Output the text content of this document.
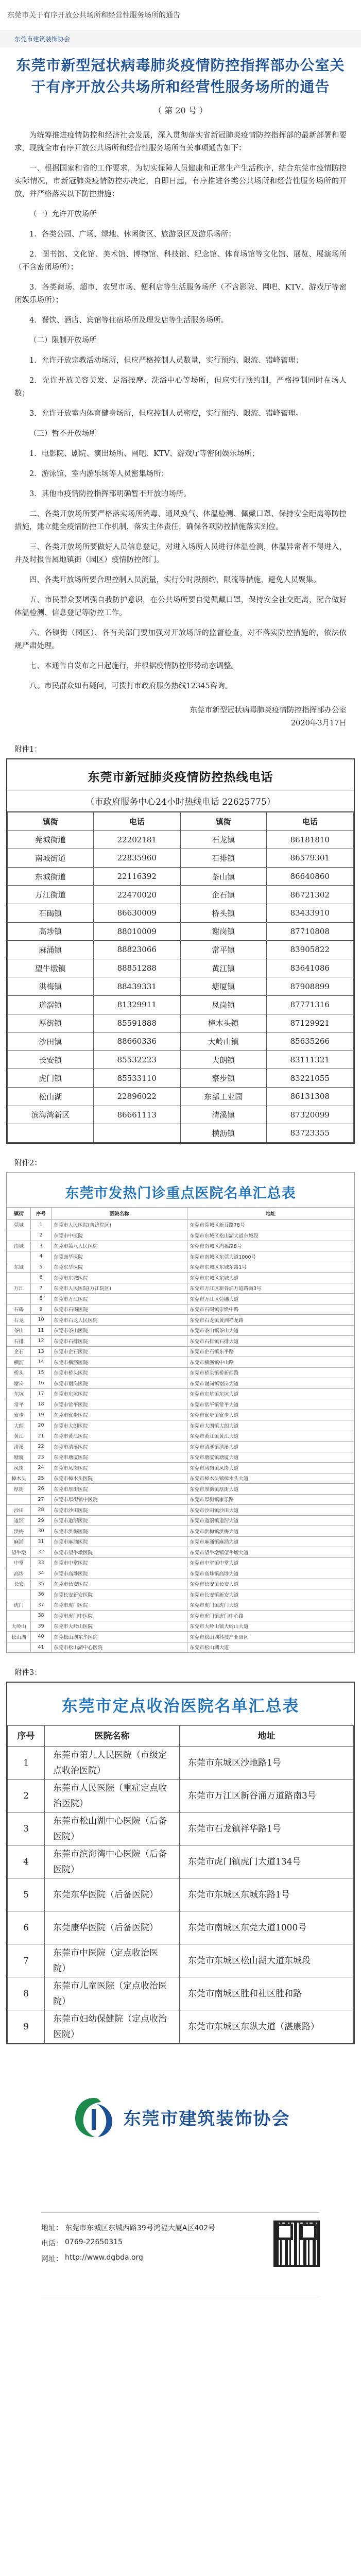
东莞市关于有序开放公共场所和经营性服务场所的通告
东莞市建筑装饰协会
东莞市新型冠状病毒肺炎疫情防控指挥部办公室关于有序开放公共场所和经营性服务场所的通告
（ 第 20 号 ）

为统筹推进疫情防控和经济社会发展，深入贯彻落实省新冠肺炎疫情防控指挥部的最新部署和要求，现就全市有序开放公共场所和经营性服务场所有关事项通告如下：

一、根据国家和省的工作要求，为切实保障人员健康和正常生产生活秩序，结合东莞市疫情防控实际情况，市新冠肺炎疫情防控办决定，自即日起，有序推进各类公共场所和经营性服务场所的开放，并严格落实以下防控措施：

（一）允许开放场所

1．各类公园、广场、绿地、休闲街区、旅游景区及游乐场所；

2．图书馆、文化馆、美术馆、博物馆、科技馆、纪念馆、体育场馆等文化馆、展览、展演场所（不含密闭场所）；

3．各类商场、超市、农贸市场、便利店等生活服务场所（不含影院、网吧、KTV、游戏厅等密闭娱乐场所）；

4．餐饮、酒店、宾馆等住宿场所及理发店等生活服务场所。

（二）限制开放场所

1．允许开放宗教活动场所，但应严格控制人员数量，实行预约、限流、错峰管理；

2．允许开放美容美发、足浴按摩、洗浴中心等场所，但应实行预约制，严格控制同时在场人数；

3．允许开放室内体育健身场所，但应控制人员密度，实行预约、限流、错峰管理。

（三）暂不开放场所

1．电影院、剧院、演出场所、网吧、KTV、游戏厅等密闭娱乐场所；

2．游泳馆、室内游乐场等人员密集场所；

3．其他市疫情防控指挥部明确暂不开放的场所。

二、各类开放场所要严格落实场所消毒、通风换气、体温检测、佩戴口罩、保持安全距离等防控措施，建立健全疫情防控工作机制，落实主体责任，确保各项防控措施落实到位。

三、各类开放场所要做好人员信息登记，对进入场所人员进行体温检测，体温异常者不得进入，并及时报告属地镇街（园区）疫情防控部门。

四、各类开放场所要合理控制人员流量，实行分时段预约、限流等措施，避免人员聚集。

五、市民群众要增强自我防护意识，在公共场所要自觉佩戴口罩，保持安全社交距离，配合做好体温检测、信息登记等防控工作。

六、各镇街（园区）、各有关部门要加强对开放场所的监督检查，对不落实防控措施的，依法依规严肃处理。

七、本通告自发布之日起施行，并根据疫情防控形势动态调整。

八、市民群众如有疑问，可拨打市政府服务热线12345咨询。

东莞市新型冠状病毒肺炎疫情防控指挥部办公室
2020年3月17日
附件1：
东莞市新冠肺炎疫情防控热线电话
（市政府服务中心24小时热线电话 22625775）
镇街	电话	镇街	电话
莞城街道	22202181	石龙镇	86181810
南城街道	22835960	石排镇	86579301
东城街道	22116392	茶山镇	86640860
万江街道	22470020	企石镇	86721302
石碣镇	86630009	桥头镇	83433910
高埗镇	88010009	谢岗镇	87710808
麻涌镇	88823066	常平镇	83905822
望牛墩镇	88851288	黄江镇	83641086
洪梅镇	88439331	塘厦镇	87908899
道滘镇	81329911	凤岗镇	87771316
厚街镇	85591888	樟木头镇	87129921
沙田镇	88660336	大岭山镇	85635266
长安镇	85532223	大朗镇	83111321
虎门镇	85533110	寮步镇	83221055
松山湖	22896022	东部工业园	86131308
滨海湾新区	86661113	清溪镇	87320099
		横沥镇	83723355
附件2：
东莞市发热门诊重点医院名单汇总表
镇街	序号	医院名称	地址
莞城	1	东莞市人民医院(普济院区)	东莞市莞城区新芬路78号
	2	东莞市中医院	东莞市东城区松山湖大道东城段
南城	3	东莞市第八人民医院	东莞市南城区鸿福路8号
	4	东莞康华医院	东莞市南城区东莞大道1000号
东城	5	东莞东华医院	东莞市东城区东城东路1号
	6	东莞市东城医院	东莞市东城区东城大道
万江	7	东莞市人民医院(万江院区)	东莞市万江区新谷涌万道路南3号
	8	东莞市万江医院	东莞市万江区莞穗大道
石碣	9	东莞市石碣医院	东莞市石碣镇崇焕中路
石龙	10	东莞市石龙人民医院	东莞市石龙镇黄洲祥龙路
茶山	11	东莞市茶山医院	东莞市茶山镇茶山大道
石排	12	东莞市石排医院	东莞市石排镇石排大道
企石	13	东莞市企石医院	东莞市企石镇东平路
横沥	14	东莞市横沥医院	东莞市横沥镇中山路
桥头	15	东莞市桥头医院	东莞市桥头镇桥新西路
谢岗	16	东莞市谢岗医院	东莞市谢岗镇谢岗大道
东坑	17	东莞市东坑医院	东莞市东坑镇东坑大道
常平	18	东莞市常平医院	东莞市常平镇常平大道
寮步	19	东莞市寮步医院	东莞市寮步镇寮步大道
大朗	20	东莞市大朗医院	东莞市大朗镇大朗大道
黄江	21	东莞市黄江医院	东莞市黄江镇黄江大道
清溪	22	东莞市清溪医院	东莞市清溪镇清溪大道
塘厦	23	东莞市塘厦医院	东莞市塘厦镇塘厦大道
凤岗	24	东莞市凤岗医院	东莞市凤岗镇凤岗大道
樟木头	25	东莞市樟木头医院	东莞市樟木头镇樟木头大道
厚街	26	东莞市厚街医院	东莞市厚街镇厚街大道
	27	东莞市厚街镇中医院	东莞市厚街镇康乐路
沙田	28	东莞市沙田医院	东莞市沙田镇沙田大道
道滘	29	东莞市道滘医院	东莞市道滘镇道滘大道
洪梅	30	东莞市洪梅医院	东莞市洪梅镇洪梅大道
麻涌	31	东莞市麻涌医院	东莞市麻涌镇麻涌大道
望牛墩	32	东莞市望牛墩医院	东莞市望牛墩镇望牛墩大道
中堂	33	东莞市中堂医院	东莞市中堂镇中堂大道
高埗	34	东莞市高埗医院	东莞市高埗镇高埗大道
长安	35	东莞市长安医院	东莞市长安镇长安大道
	36	东莞长安新安医院	东莞市长安镇新安大道
虎门	37	东莞市虎门医院	东莞市虎门镇虎门大道
	38	东莞市虎门中医院	东莞市虎门镇虎门中心路
大岭山	39	东莞市大岭山医院	东莞市大岭山镇大岭山大道
松山湖	40	东莞松山湖东华医院	东莞市松山湖科技产业园区
	41	东莞市松山湖中心医院	东莞市松山湖大道
附件3：
东莞市定点收治医院名单汇总表
序号	医院名称	地址
1	东莞市第九人民医院（市级定点收治医院）	东莞市东城区沙地路1号
2	东莞市人民医院（重症定点收治医院）	东莞市万江区新谷涌万道路南3号
3	东莞市松山湖中心医院（后备医院）	东莞市石龙镇祥华路1号
4	东莞市滨海湾中心医院（后备医院）	东莞市虎门镇虎门大道134号
5	东莞东华医院（后备医院）	东莞市东城区东城东路1号
6	东莞康华医院（后备医院）	东莞市南城区东莞大道1000号
7	东莞市中医院（定点收治医院）	东莞市东城区松山湖大道东城段
8	东莞市儿童医院（定点收治医院）	东莞市南城区胜和社区胜和路
9	东莞市妇幼保健院（定点收治医院）	东莞市东城区东纵大道（湛康路）
东莞市建筑装饰协会
地址： 东莞市东城区东城西路39号鸿福大厦A区402号
电话： 0769-22650315
网址： http://www.dgbda.org
